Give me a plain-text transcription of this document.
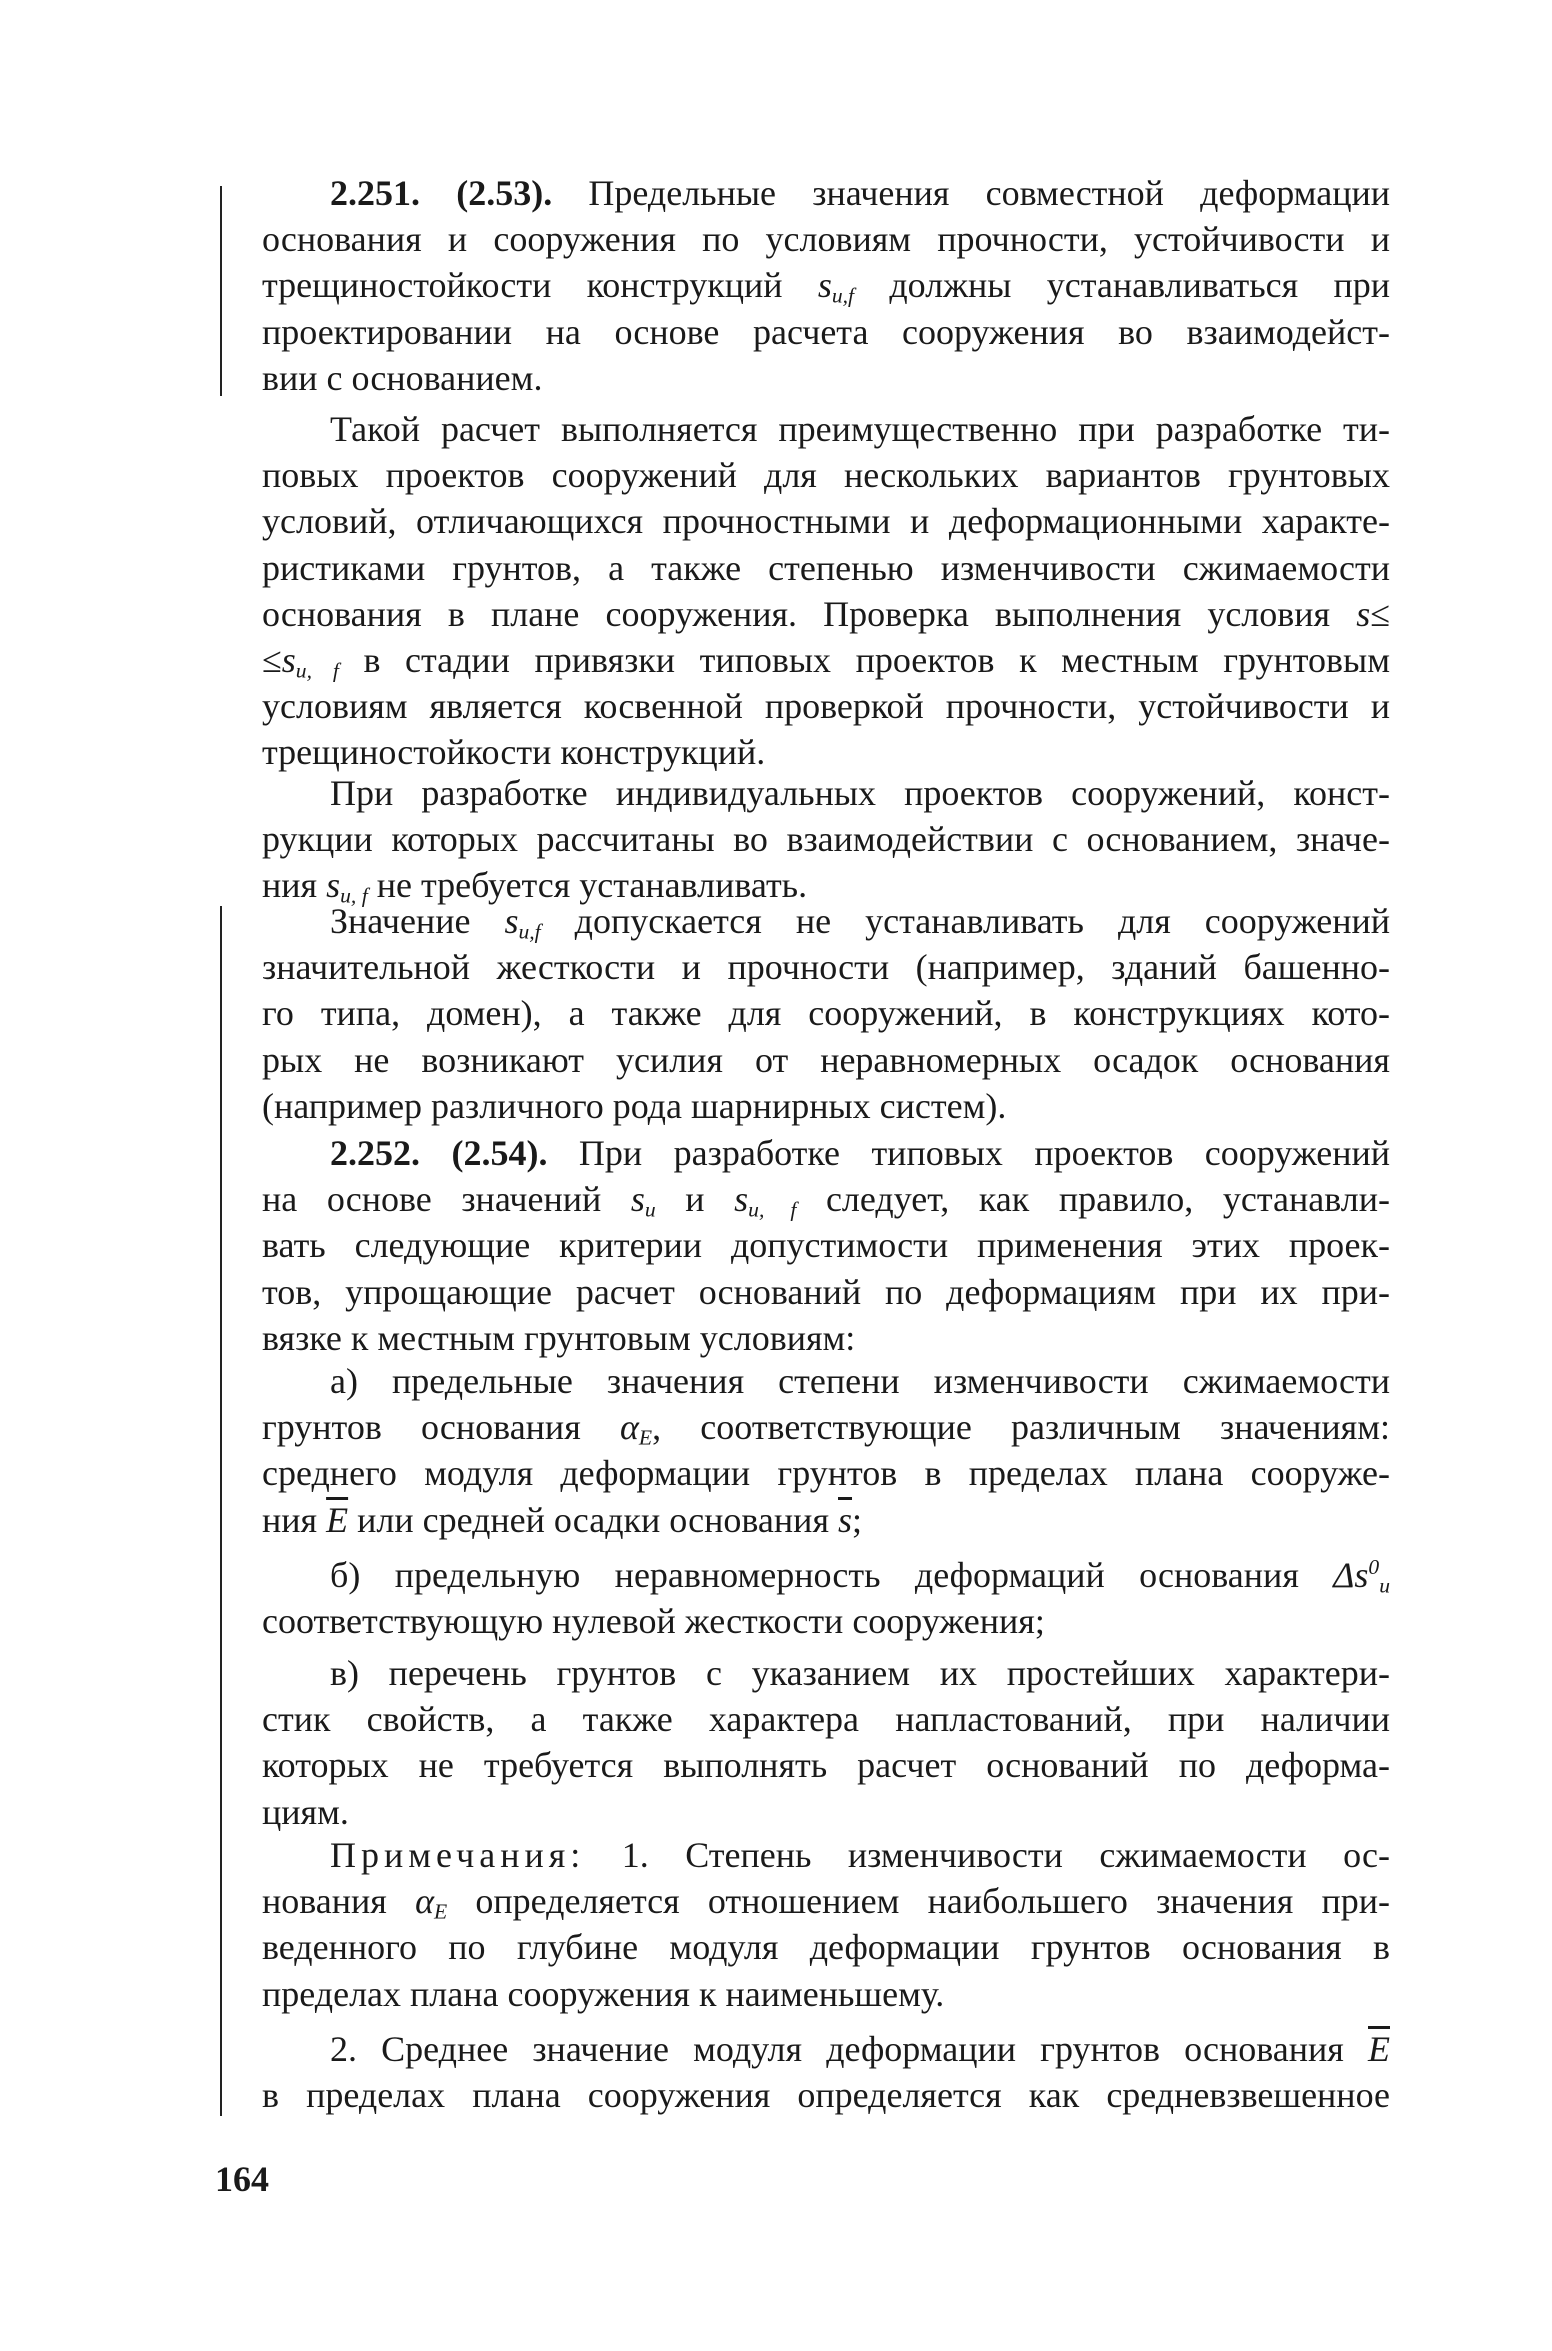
2.251. (2.53). Предельные значения совместной деформации
основания и сооружения по условиям прочности, устойчивости и
трещиностойкости конструкций $s_{u,f}$ должны устанавливаться при
проектировании на основе расчета сооружения во взаимодейст-
вии с основанием.
Такой расчет выполняется преимущественно при разработке ти-
повых проектов сооружений для нескольких вариантов грунтовых
условий, отличающихся прочностными и деформационными характе-
ристиками грунтов, а также степенью изменчивости сжимаемости
основания в плане сооружения. Проверка выполнения условия s≤
$\le s_{u, f}$ в стадии привязки типовых проектов к местным грунтовым
условиям является косвенной проверкой прочности, устойчивости и
трещиностойкости конструкций.
При разработке индивидуальных проектов сооружений, конст-
рукции которых рассчитаны во взаимодействии с основанием, значе-
ния $s_{u, f}$ не требуется устанавливать.
Значение $s_{u,f}$ допускается не устанавливать для сооружений
значительной жесткости и прочности (например, зданий башенно-
го типа, домен), а также для сооружений, в конструкциях кото-
рых не возникают усилия от неравномерных осадок основания
(например различного рода шарнирных систем).
2.252. (2.54). При разработке типовых проектов сооружений
на основе значений $s_u$ и $s_{u, f}$ следует, как правило, устанавли-
вать следующие критерии допустимости применения этих проек-
тов, упрощающие расчет оснований по деформациям при их при-
вязке к местным грунтовым условиям:
а) предельные значения степени изменчивости сжимаемости
грунтов основания $\alpha_E$, соответствующие различным значениям:
среднего модуля деформации грунтов в пределах плана сооруже-
ния $\overline{E}$ или средней осадки основания $\overline{s}$;
б) предельную неравномерность деформаций основания $\Delta s^0_u$
соответствующую нулевой жесткости сооружения;
в) перечень грунтов с указанием их простейших характери-
стик свойств, а также характера напластований, при наличии
которых не требуется выполнять расчет оснований по деформа-
циям.
Примечания: 1. Степень изменчивости сжимаемости ос-
нования $\alpha_E$ определяется отношением наибольшего значения при-
веденного по глубине модуля деформации грунтов основания в
пределах плана сооружения к наименьшему.
2. Среднее значение модуля деформации грунтов основания $\overline{E}$
в пределах плана сооружения определяется как средневзвешенное
164
